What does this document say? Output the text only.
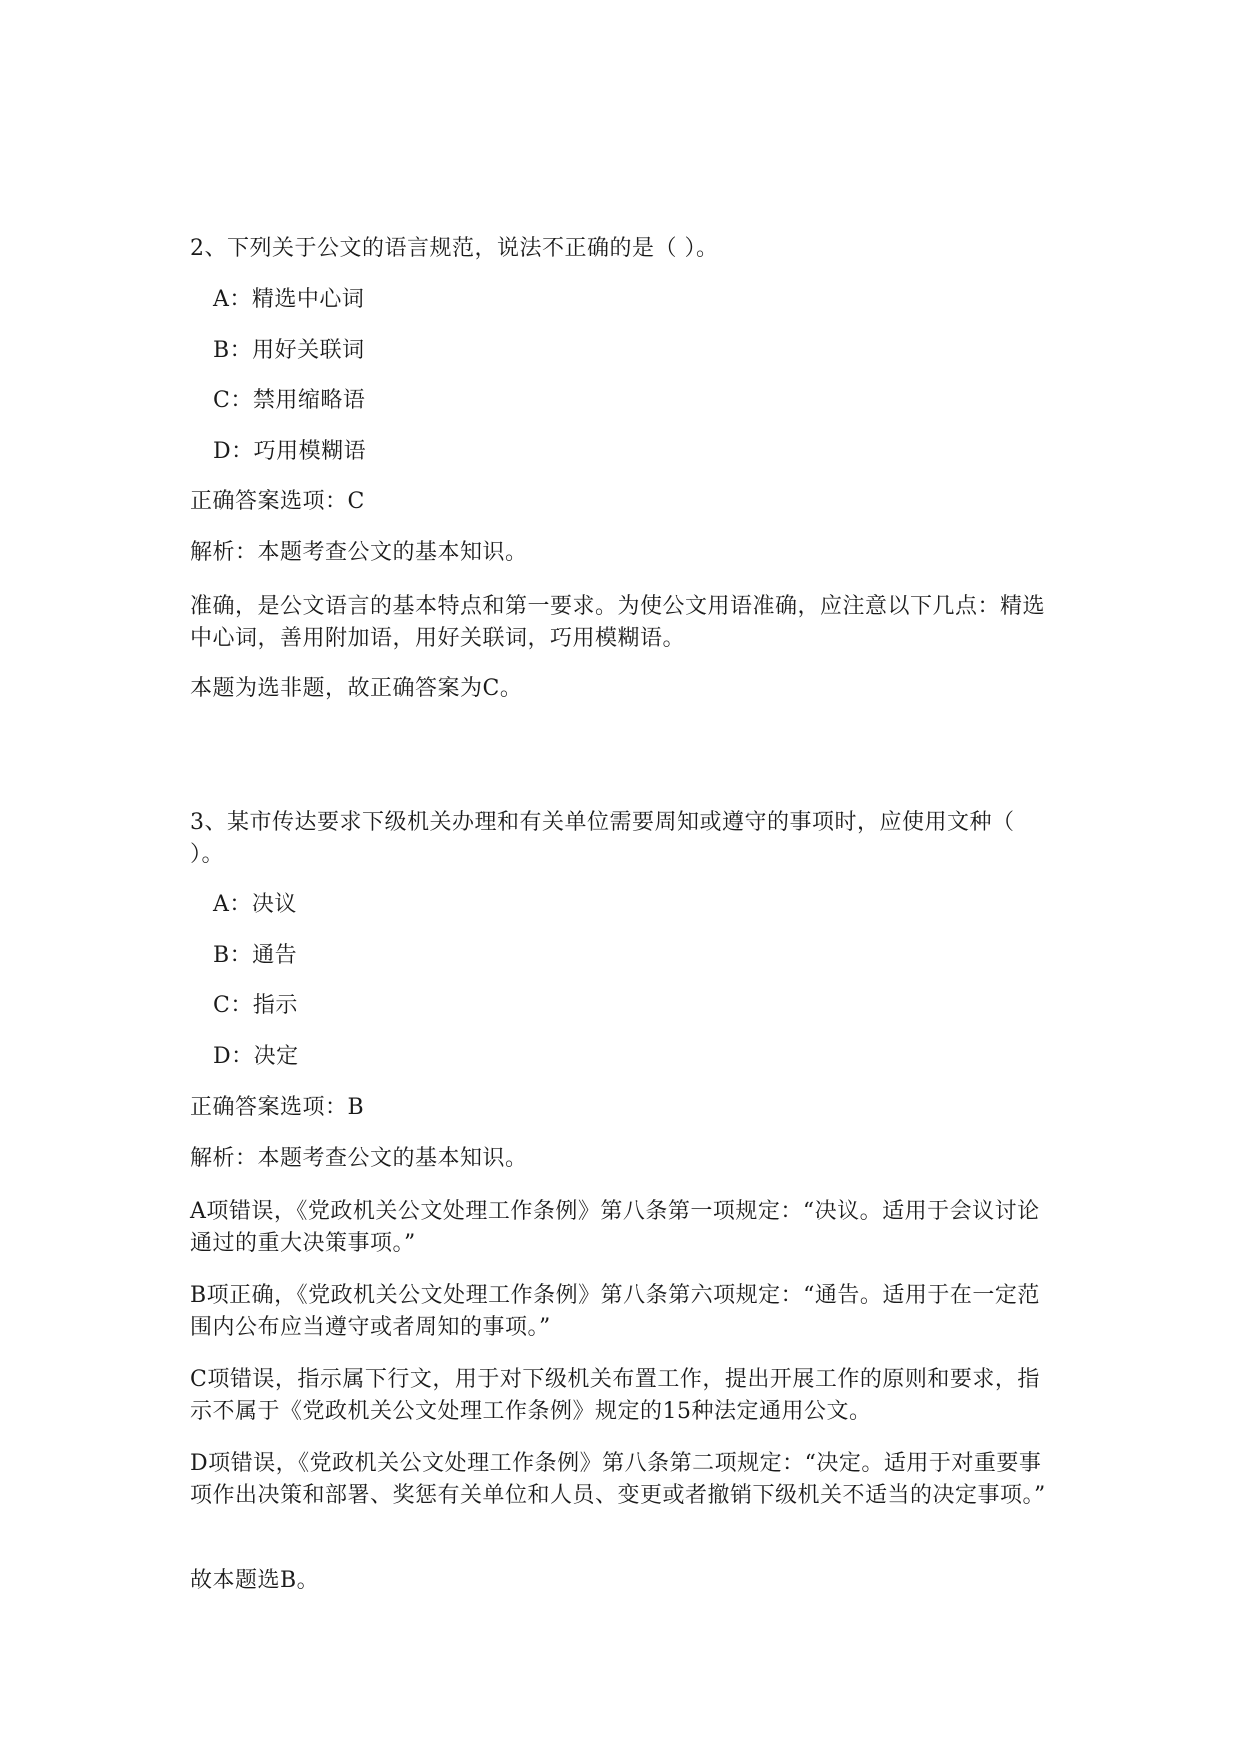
2、下列关于公文的语言规范，说法不正确的是（ ）。
A：精选中心词
B：用好关联词
C：禁用缩略语
D：巧用模糊语
正确答案选项：C
解析：本题考查公文的基本知识。
准确，是公文语言的基本特点和第一要求。为使公文用语准确，应注意以下几点：精选中心词，善用附加语，用好关联词，巧用模糊语。
本题为选非题，故正确答案为C。
3、某市传达要求下级机关办理和有关单位需要周知或遵守的事项时，应使用文种（ ）。
A：决议
B：通告
C：指示
D：决定
正确答案选项：B
解析：本题考查公文的基本知识。
A项错误，《党政机关公文处理工作条例》第八条第一项规定：“决议。适用于会议讨论通过的重大决策事项。”
B项正确，《党政机关公文处理工作条例》第八条第六项规定：“通告。适用于在一定范围内公布应当遵守或者周知的事项。”
C项错误，指示属下行文，用于对下级机关布置工作，提出开展工作的原则和要求，指示不属于《党政机关公文处理工作条例》规定的15种法定通用公文。
D项错误，《党政机关公文处理工作条例》第八条第二项规定：“决定。适用于对重要事项作出决策和部署、奖惩有关单位和人员、变更或者撤销下级机关不适当的决定事项。”
故本题选B。
